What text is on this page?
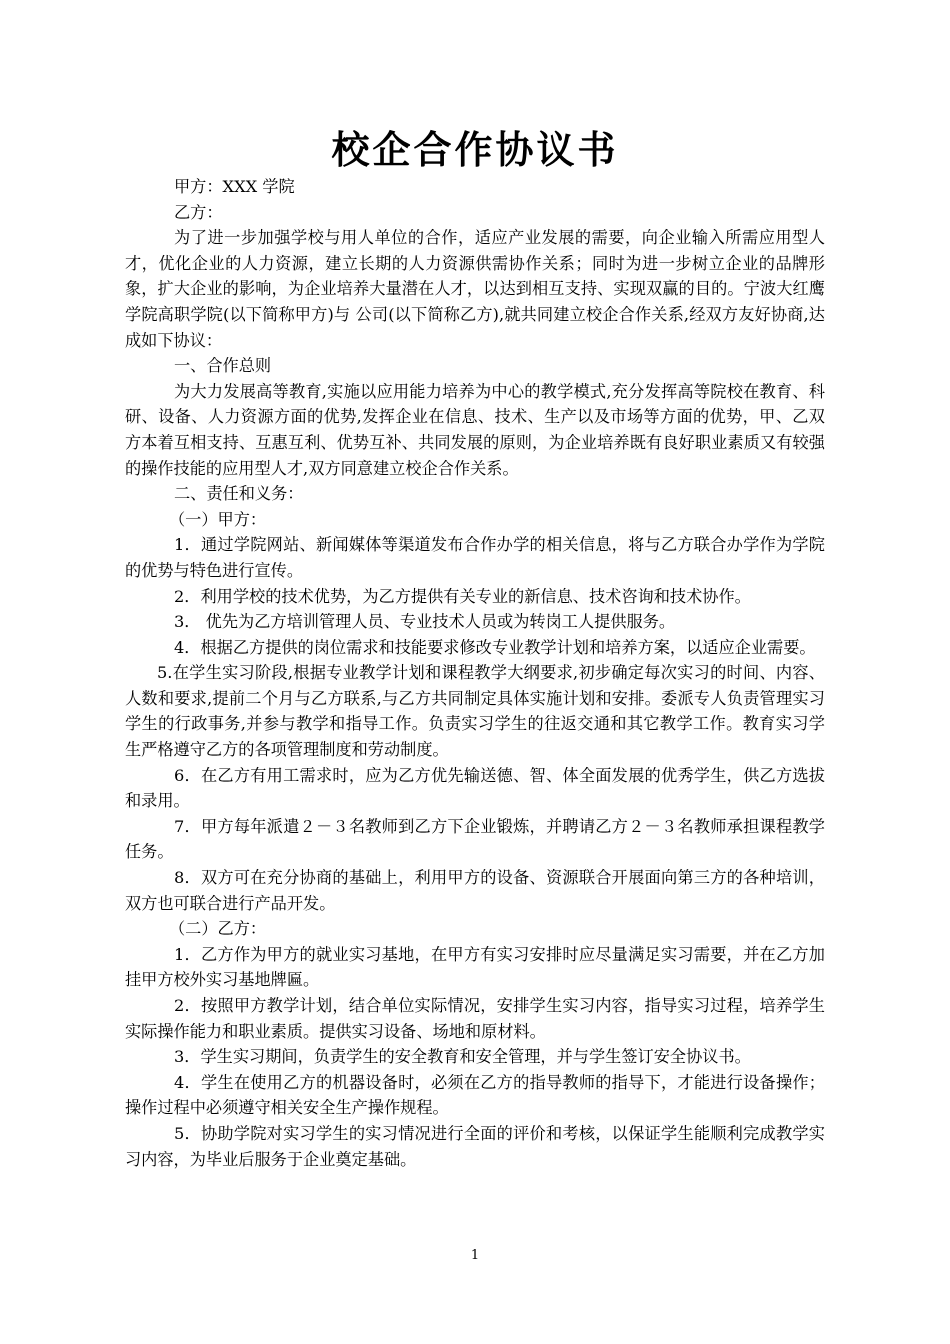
校企合作协议书

甲方：XXX 学院

乙方：

为了进一步加强学校与用人单位的合作，适应产业发展的需要，向企业输入所需应用型人才，优化企业的人力资源，建立长期的人力资源供需协作关系；同时为进一步树立企业的品牌形象，扩大企业的影响，为企业培养大量潜在人才，以达到相互支持、实现双赢的目的。宁波大红鹰学院高职学院(以下简称甲方)与 公司(以下简称乙方),就共同建立校企合作关系,经双方友好协商,达成如下协议：

一、合作总则

为大力发展高等教育,实施以应用能力培养为中心的教学模式,充分发挥高等院校在教育、科研、设备、人力资源方面的优势,发挥企业在信息、技术、生产以及市场等方面的优势，甲、乙双方本着互相支持、互惠互利、优势互补、共同发展的原则，为企业培养既有良好职业素质又有较强的操作技能的应用型人才,双方同意建立校企合作关系。

二、责任和义务：

（一）甲方：

1．通过学院网站、新闻媒体等渠道发布合作办学的相关信息，将与乙方联合办学作为学院的优势与特色进行宣传。

2．利用学校的技术优势，为乙方提供有关专业的新信息、技术咨询和技术协作。

3． 优先为乙方培训管理人员、专业技术人员或为转岗工人提供服务。

4．根据乙方提供的岗位需求和技能要求修改专业教学计划和培养方案，以适应企业需要。

5.在学生实习阶段,根据专业教学计划和课程教学大纲要求,初步确定每次实习的时间、内容、人数和要求,提前二个月与乙方联系,与乙方共同制定具体实施计划和安排。委派专人负责管理实习学生的行政事务,并参与教学和指导工作。负责实习学生的往返交通和其它教学工作。教育实习学生严格遵守乙方的各项管理制度和劳动制度。

6．在乙方有用工需求时，应为乙方优先输送德、智、体全面发展的优秀学生，供乙方选拔和录用。

7．甲方每年派遣２－３名教师到乙方下企业锻炼，并聘请乙方２－３名教师承担课程教学任务。

8．双方可在充分协商的基础上，利用甲方的设备、资源联合开展面向第三方的各种培训，双方也可联合进行产品开发。

（二）乙方：

1．乙方作为甲方的就业实习基地，在甲方有实习安排时应尽量满足实习需要，并在乙方加挂甲方校外实习基地牌匾。

2．按照甲方教学计划，结合单位实际情况，安排学生实习内容，指导实习过程，培养学生实际操作能力和职业素质。提供实习设备、场地和原材料。

3．学生实习期间，负责学生的安全教育和安全管理，并与学生签订安全协议书。

4．学生在使用乙方的机器设备时，必须在乙方的指导教师的指导下，才能进行设备操作；操作过程中必须遵守相关安全生产操作规程。

5．协助学院对实习学生的实习情况进行全面的评价和考核，以保证学生能顺利完成教学实习内容，为毕业后服务于企业奠定基础。

1
